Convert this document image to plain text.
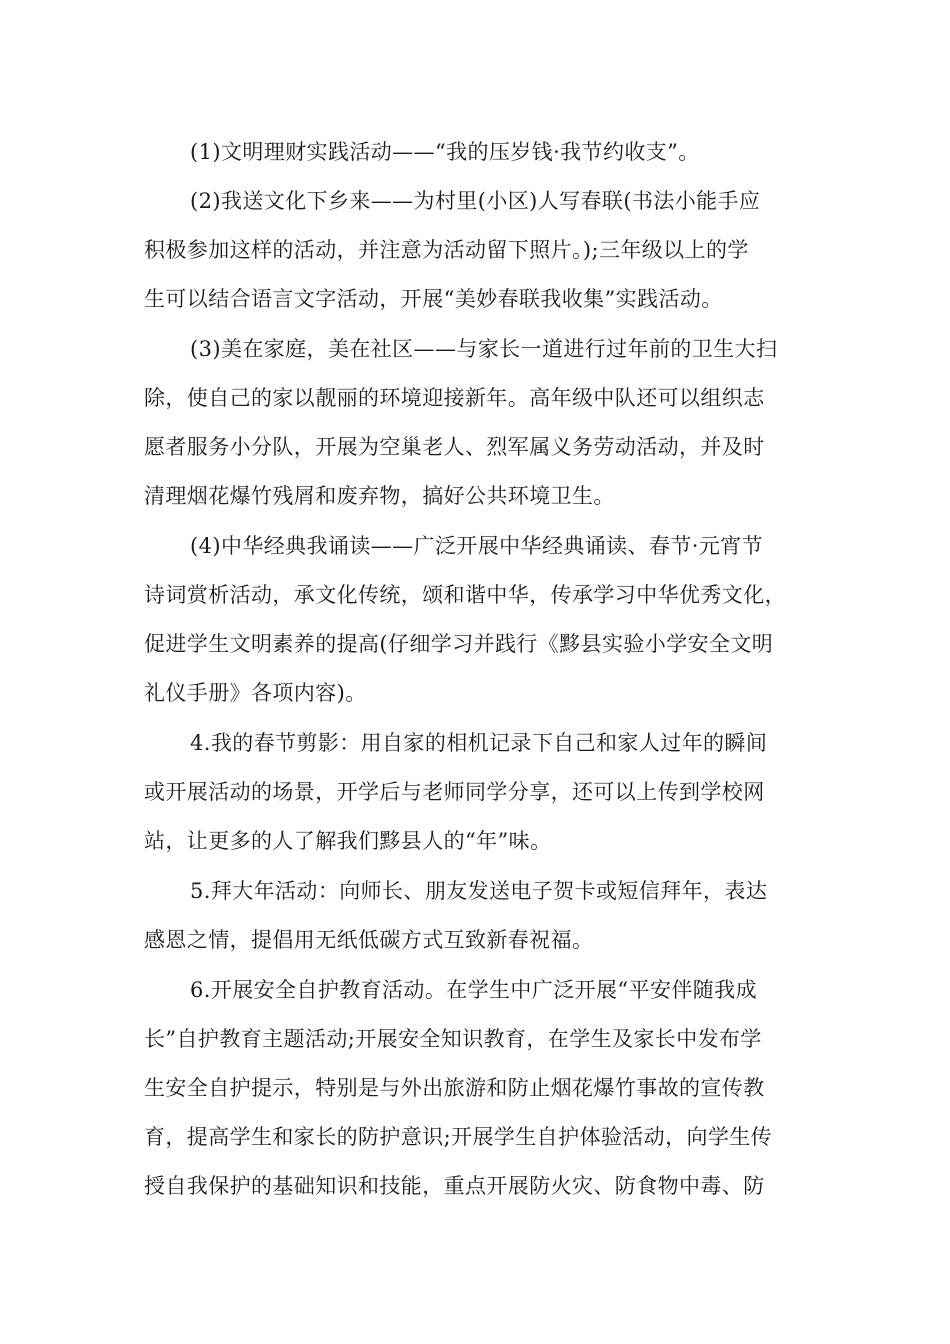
(1)文明理财实践活动——“我的压岁钱·我节约收支”。
(2)我送文化下乡来——为村里(小区)人写春联(书法小能手应
积极参加这样的活动，并注意为活动留下照片。);三年级以上的学
生可以结合语言文字活动，开展“美妙春联我收集”实践活动。
(3)美在家庭，美在社区——与家长一道进行过年前的卫生大扫
除，使自己的家以靓丽的环境迎接新年。高年级中队还可以组织志
愿者服务小分队，开展为空巢老人、烈军属义务劳动活动，并及时
清理烟花爆竹残屑和废弃物，搞好公共环境卫生。
(4)中华经典我诵读——广泛开展中华经典诵读、春节·元宵节
诗词赏析活动，承文化传统，颂和谐中华，传承学习中华优秀文化，
促进学生文明素养的提高(仔细学习并践行《黟县实验小学安全文明
礼仪手册》各项内容)。
4.我的春节剪影：用自家的相机记录下自己和家人过年的瞬间
或开展活动的场景，开学后与老师同学分享，还可以上传到学校网
站，让更多的人了解我们黟县人的“年”味。
5.拜大年活动：向师长、朋友发送电子贺卡或短信拜年，表达
感恩之情，提倡用无纸低碳方式互致新春祝福。
6.开展安全自护教育活动。在学生中广泛开展“平安伴随我成
长”自护教育主题活动;开展安全知识教育，在学生及家长中发布学
生安全自护提示，特别是与外出旅游和防止烟花爆竹事故的宣传教
育，提高学生和家长的防护意识;开展学生自护体验活动，向学生传
授自我保护的基础知识和技能，重点开展防火灾、防食物中毒、防
